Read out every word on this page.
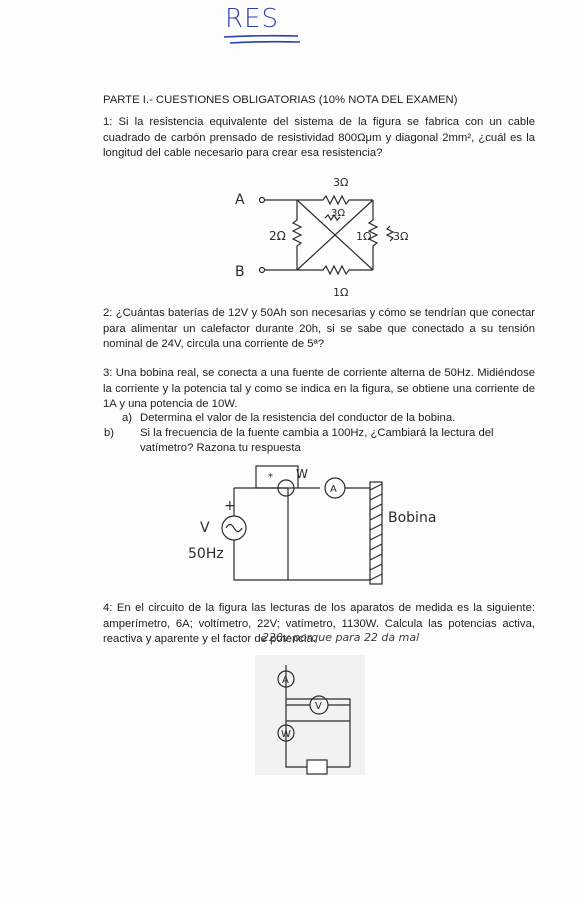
RES
PARTE I.- CUESTIONES OBLIGATORIAS (10% NOTA DEL EXAMEN)

1: Si la resistencia equivalente del sistema de la figura se fabrica con un cable cuadrado de carbón prensado de resistividad 800Ωμm y diagonal 2mm², ¿cuál es la longitud del cable necesario para crear esa resistencia?

A
B
3Ω
3Ω
2Ω	1Ω 3Ω
1Ω

2: ¿Cuántas baterías de 12V y 50Ah son necesarias y cómo se tendrían que conectar para alimentar un calefactor durante 20h, si se sabe que conectado a su tensión nominal de 24V, circula una corriente de 5ª?

3: Una bobina real, se conecta a una fuente de corriente alterna de 50Hz. Midiéndose la corriente y la potencia tal y como se indica en la figura, se obtiene una corriente de 1A y una potencia de 10W.

a) Determina el valor de la resistencia del conductor de la bobina.

b) Si la frecuencia de la fuente cambia a 100Hz, ¿Cambiará la lectura del vatímetro? Razona tu respuesta

+
V
50Hz
* W
A
Bobina

4: En el circuito de la figura las lecturas de los aparatos de medida es la siguiente: amperímetro, 6A; voltímetro, 22V; vatímetro, 1130W. Calcula las potencias activa, reactiva y aparente y el factor de potencia.

220v porque para 22 da mal
A
V
W
